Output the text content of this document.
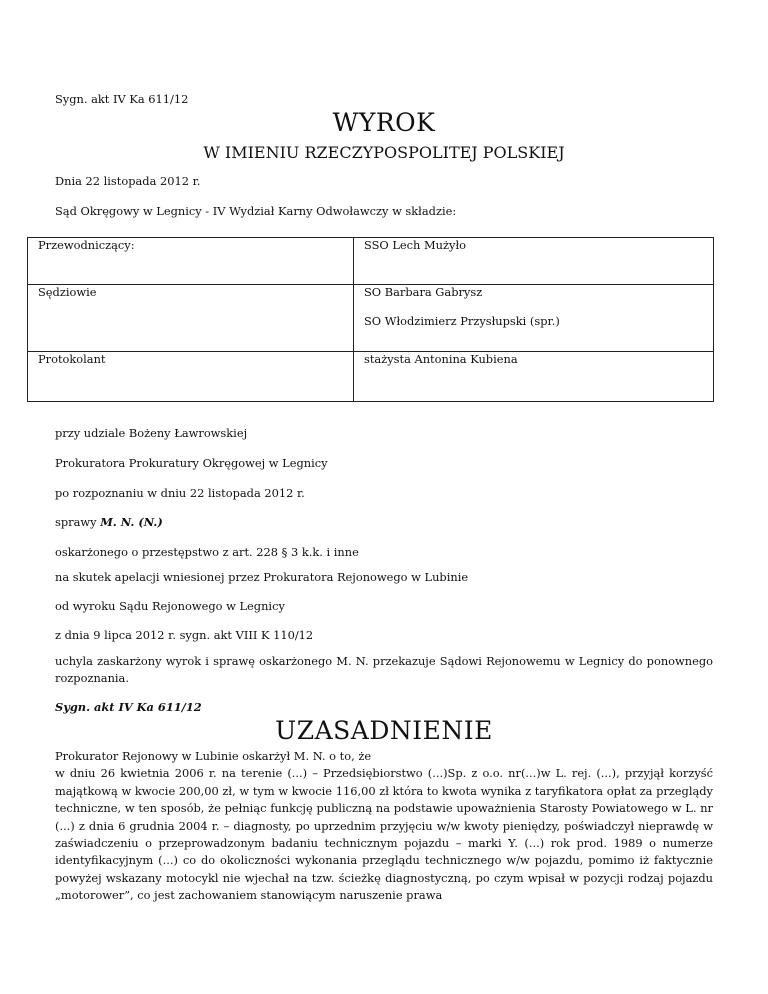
Sygn. akt IV Ka 611/12
WYROK
W IMIENIU RZECZYPOSPOLITEJ POLSKIEJ
Dnia 22 listopada 2012 r.
Sąd Okręgowy w Legnicy - IV Wydział Karny Odwoławczy w składzie:
Przewodniczący:	SSO Lech Mużyło
Sędziowie	SO Barbara Gabrysz
SO Włodzimierz Przysłupski (spr.)

Protokolant	stażysta Antonina Kubiena
przy udziale Bożeny Ławrowskiej
Prokuratora Prokuratury Okręgowej w Legnicy
po rozpoznaniu w dniu 22 listopada 2012 r.
sprawy M. N. (N.)
oskarżonego o przestępstwo z art. 228 § 3 k.k. i inne
na skutek apelacji wniesionej przez Prokuratora Rejonowego w Lubinie
od wyroku Sądu Rejonowego w Legnicy
z dnia 9 lipca 2012 r. sygn. akt VIII K 110/12
uchyla zaskarżony wyrok i sprawę oskarżonego M. N. przekazuje Sądowi Rejonowemu w Legnicy do ponownego rozpoznania.
Sygn. akt IV Ka 611/12
UZASADNIENIE
Prokurator Rejonowy w Lubinie oskarżył M. N. o to, że
w dniu 26 kwietnia 2006 r. na terenie (...) – Przedsiębiorstwo (...)Sp. z o.o. nr(...)w L. rej. (...), przyjął korzyść majątkową w kwocie 200,00 zł, w tym w kwocie 116,00 zł która to kwota wynika z taryfikatora opłat za przeglądy techniczne, w ten sposób, że pełniąc funkcję publiczną na podstawie upoważnienia Starosty Powiatowego w L. nr (...) z dnia 6 grudnia 2004 r. – diagnosty, po uprzednim przyjęciu w/w kwoty pieniędzy, poświadczył nieprawdę w zaświadczeniu o przeprowadzonym badaniu technicznym pojazdu – marki Y. (...) rok prod. 1989 o numerze identyfikacyjnym (...) co do okoliczności wykonania przeglądu technicznego w/w pojazdu, pomimo iż faktycznie powyżej wskazany motocykl nie wjechał na tzw. ścieżkę diagnostyczną, po czym wpisał w pozycji rodzaj pojazdu „motorower”, co jest zachowaniem stanowiącym naruszenie prawa
